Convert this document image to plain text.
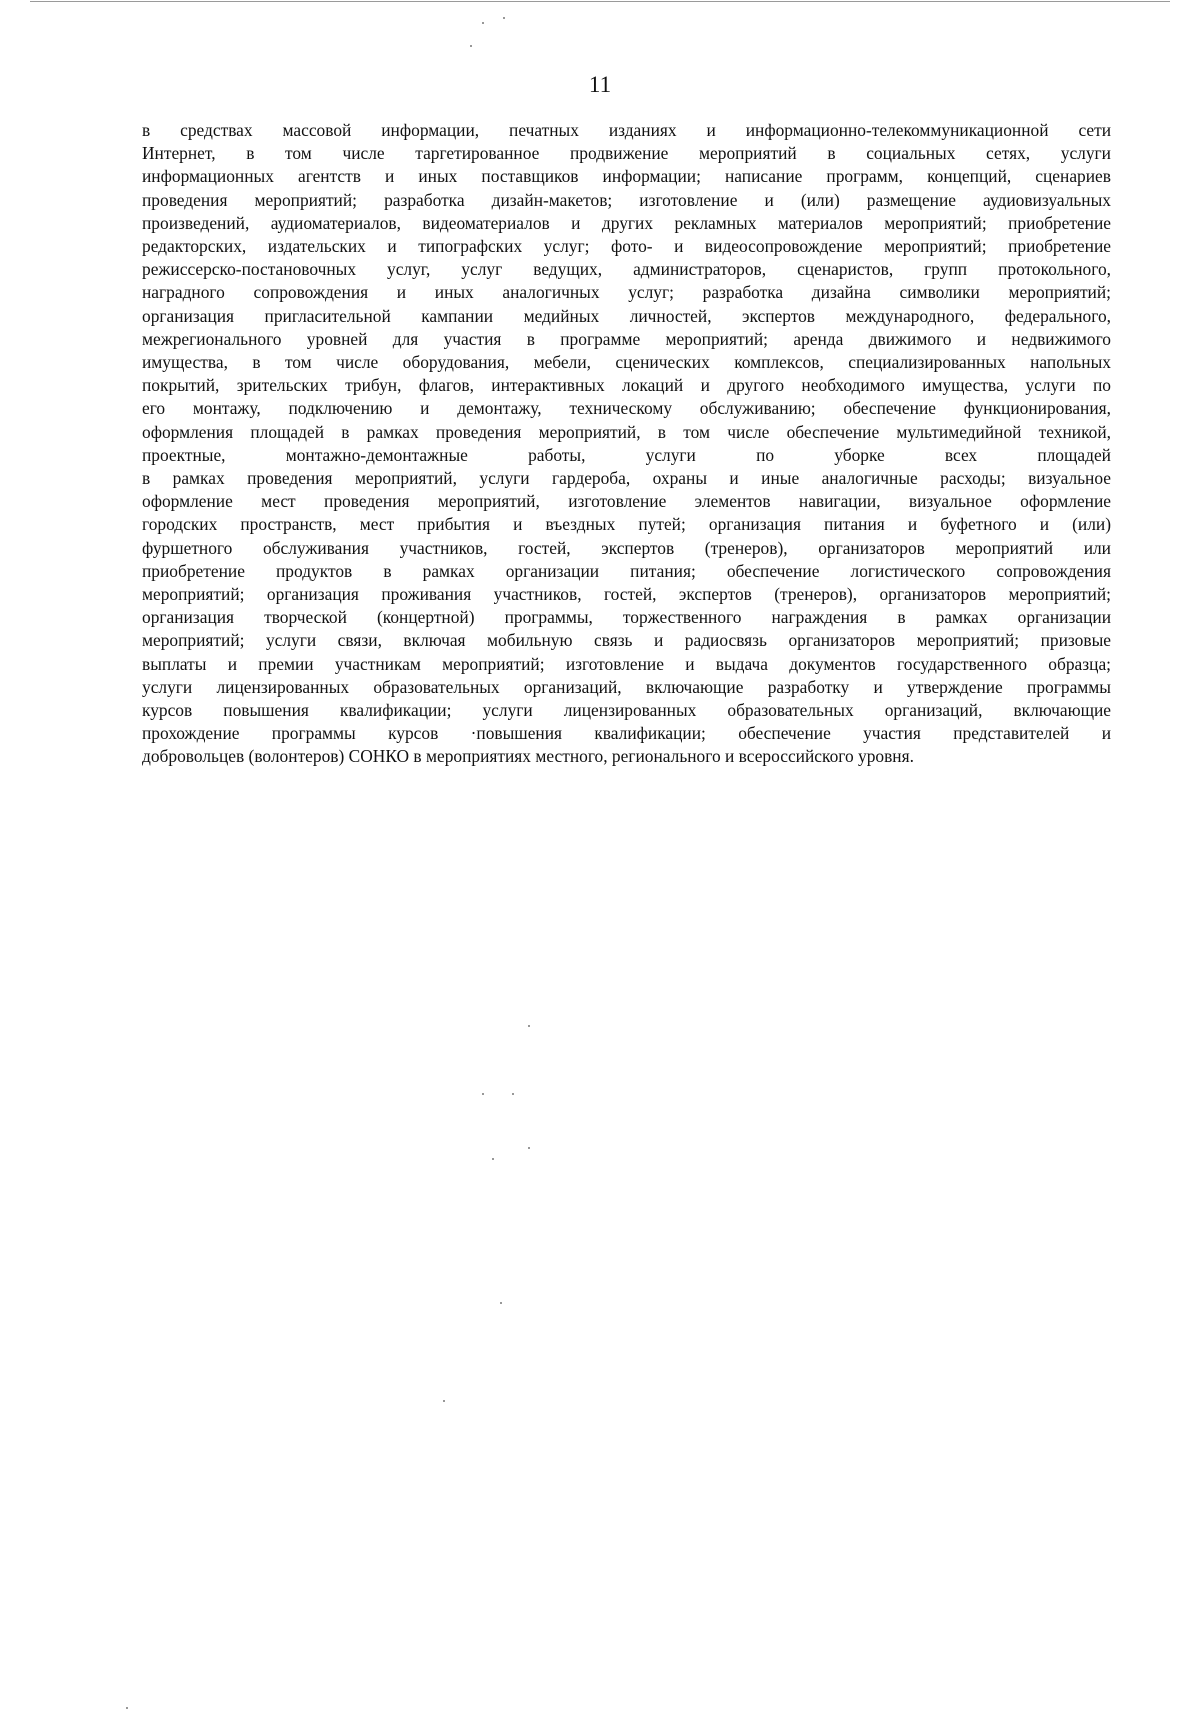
11
в средствах массовой информации, печатных изданиях и информационно-телекоммуникационной сети
Интернет, в том числе таргетированное продвижение мероприятий в социальных сетях, услуги
информационных агентств и иных поставщиков информации; написание программ, концепций, сценариев
проведения мероприятий; разработка дизайн-макетов; изготовление и (или) размещение аудиовизуальных
произведений, аудиоматериалов, видеоматериалов и других рекламных материалов мероприятий; приобретение
редакторских, издательских и типографских услуг; фото- и видеосопровождение мероприятий; приобретение
режиссерско-постановочных услуг, услуг ведущих, администраторов, сценаристов, групп протокольного,
наградного сопровождения и иных аналогичных услуг; разработка дизайна символики мероприятий;
организация пригласительной кампании медийных личностей, экспертов международного, федерального,
межрегионального уровней для участия в программе мероприятий; аренда движимого и недвижимого
имущества, в том числе оборудования, мебели, сценических комплексов, специализированных напольных
покрытий, зрительских трибун, флагов, интерактивных локаций и другого необходимого имущества, услуги по
его монтажу, подключению и демонтажу, техническому обслуживанию; обеспечение функционирования,
оформления площадей в рамках проведения мероприятий, в том числе обеспечение мультимедийной техникой,
проектные, монтажно-демонтажные работы, услуги по уборке всех площадей
в рамках проведения мероприятий, услуги гардероба, охраны и иные аналогичные расходы; визуальное
оформление мест проведения мероприятий, изготовление элементов навигации, визуальное оформление
городских пространств, мест прибытия и въездных путей; организация питания и буфетного и (или)
фуршетного обслуживания участников, гостей, экспертов (тренеров), организаторов мероприятий или
приобретение продуктов в рамках организации питания; обеспечение логистического сопровождения
мероприятий; организация проживания участников, гостей, экспертов (тренеров), организаторов мероприятий;
организация творческой (концертной) программы, торжественного награждения в рамках организации
мероприятий; услуги связи, включая мобильную связь и радиосвязь организаторов мероприятий; призовые
выплаты и премии участникам мероприятий; изготовление и выдача документов государственного образца;
услуги лицензированных образовательных организаций, включающие разработку и утверждение программы
курсов повышения квалификации; услуги лицензированных образовательных организаций, включающие
прохождение программы курсов ·повышения квалификации; обеспечение участия представителей и
добровольцев (волонтеров) СОНКО в мероприятиях местного, регионального и всероссийского уровня.
